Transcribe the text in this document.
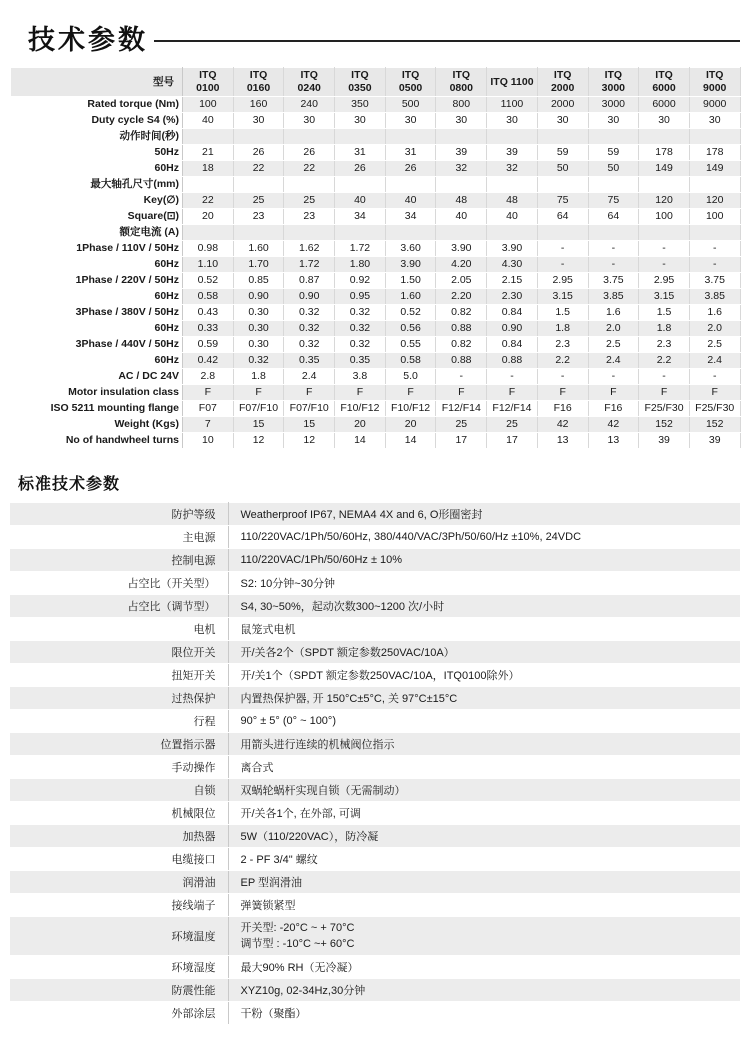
技术参数
型号	ITQ 0100	ITQ 0160	ITQ 0240	ITQ 0350	ITQ 0500	ITQ 0800	ITQ 1100	ITQ 2000	ITQ 3000	ITQ 6000	ITQ 9000
Rated torque (Nm)	100	160	240	350	500	800	1100	2000	3000	6000	9000
Duty cycle S4 (%)	40	30	30	30	30	30	30	30	30	30	30
动作时间(秒)											
50Hz	21	26	26	31	31	39	39	59	59	178	178
60Hz	18	22	22	26	26	32	32	50	50	149	149
最大轴孔尺寸(mm)											
Key(∅)	22	25	25	40	40	48	48	75	75	120	120
Square(⊡)	20	23	23	34	34	40	40	64	64	100	100
额定电流 (A)											
1Phase / 110V / 50Hz	0.98	1.60	1.62	1.72	3.60	3.90	3.90	-	-	-	-
60Hz	1.10	1.70	1.72	1.80	3.90	4.20	4.30	-	-	-	-
1Phase / 220V / 50Hz	0.52	0.85	0.87	0.92	1.50	2.05	2.15	2.95	3.75	2.95	3.75
60Hz	0.58	0.90	0.90	0.95	1.60	2.20	2.30	3.15	3.85	3.15	3.85
3Phase / 380V / 50Hz	0.43	0.30	0.32	0.32	0.52	0.82	0.84	1.5	1.6	1.5	1.6
60Hz	0.33	0.30	0.32	0.32	0.56	0.88	0.90	1.8	2.0	1.8	2.0
3Phase / 440V / 50Hz	0.59	0.30	0.32	0.32	0.55	0.82	0.84	2.3	2.5	2.3	2.5
60Hz	0.42	0.32	0.35	0.35	0.58	0.88	0.88	2.2	2.4	2.2	2.4
AC / DC 24V	2.8	1.8	2.4	3.8	5.0	-	-	-	-	-	-
Motor insulation class	F	F	F	F	F	F	F	F	F	F	F
ISO 5211 mounting flange	F07	F07/F10	F07/F10	F10/F12	F10/F12	F12/F14	F12/F14	F16	F16	F25/F30	F25/F30
Weight (Kgs)	7	15	15	20	20	25	25	42	42	152	152
No of handwheel turns	10	12	12	14	14	17	17	13	13	39	39
标准技术参数
防护等级	Weatherproof IP67, NEMA4 4X and 6, O形圈密封
主电源	110/220VAC/1Ph/50/60Hz, 380/440/VAC/3Ph/50/60/Hz ±10%, 24VDC
控制电源	110/220VAC/1Ph/50/60Hz ± 10%
占空比（开关型）	S2: 10分钟~30分钟
占空比（调节型）	S4, 30~50%，起动次数300~1200 次/小时
电机	鼠笼式电机
限位开关	开/关各2个（SPDT 额定参数250VAC/10A）
扭矩开关	开/关1个（SPDT 额定参数250VAC/10A，ITQ0100除外）
过热保护	内置热保护器, 开 150°C±5°C, 关 97°C±15°C
行程	90° ± 5° (0° ~ 100°)
位置指示器	用箭头进行连续的机械阀位指示
手动操作	离合式
自锁	双蜗轮蜗杆实现自锁（无需制动）
机械限位	开/关各1个, 在外部, 可调
加热器	5W（110/220VAC），防冷凝
电缆接口	2 - PF 3/4" 螺纹
润滑油	EP 型润滑油
接线端子	弹簧锁紧型
环境温度	开关型: -20°C ~ + 70°C
调节型 : -10°C ~+ 60°C

环境湿度	最大90% RH（无冷凝）
防震性能	XYZ10g, 02-34Hz,30分钟
外部涂层	干粉（聚酯）
